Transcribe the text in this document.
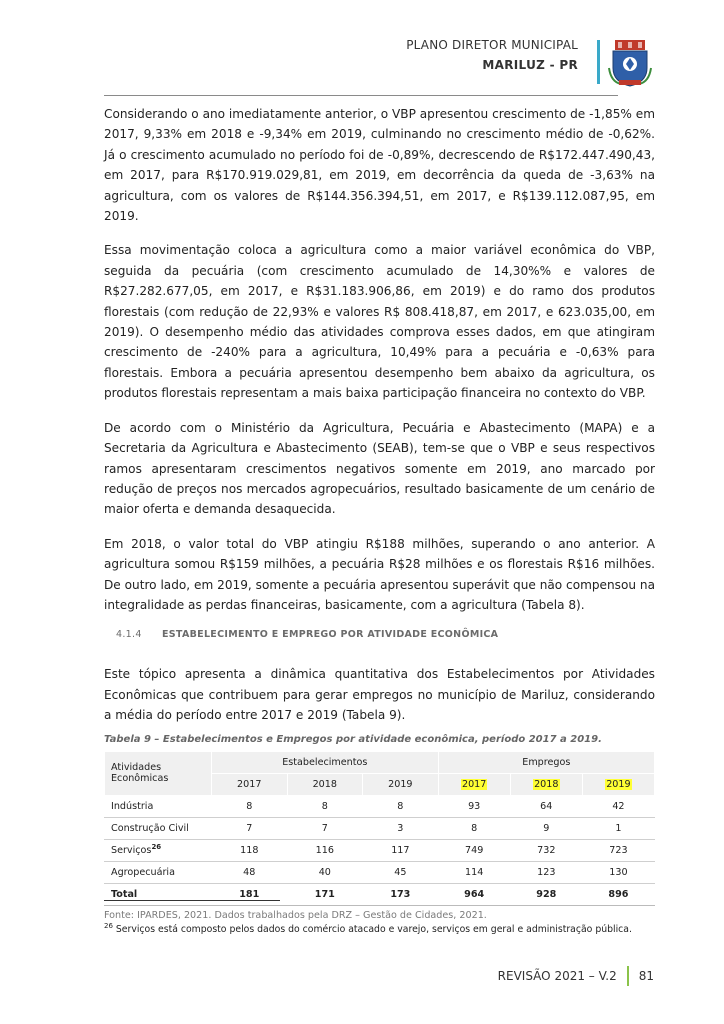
PLANO DIRETOR MUNICIPAL
MARILUZ - PR

Considerando o ano imediatamente anterior, o VBP apresentou crescimento de -1,85% em 2017, 9,33% em 2018 e -9,34% em 2019, culminando no crescimento médio de -0,62%. Já o crescimento acumulado no período foi de -0,89%, decrescendo de R$172.447.490,43, em 2017, para R$170.919.029,81, em 2019, em decorrência da queda de -3,63% na agricultura, com os valores de R$144.356.394,51, em 2017, e R$139.112.087,95, em 2019.

Essa movimentação coloca a agricultura como a maior variável econômica do VBP, seguida da pecuária (com crescimento acumulado de 14,30%% e valores de R$27.282.677,05, em 2017, e R$31.183.906,86, em 2019) e do ramo dos produtos florestais (com redução de 22,93% e valores R$ 808.418,87, em 2017, e 623.035,00, em 2019). O desempenho médio das atividades comprova esses dados, em que atingiram crescimento de -240% para a agricultura, 10,49% para a pecuária e -0,63% para florestais. Embora a pecuária apresentou desempenho bem abaixo da agricultura, os produtos florestais representam a mais baixa participação financeira no contexto do VBP.

De acordo com o Ministério da Agricultura, Pecuária e Abastecimento (MAPA) e a Secretaria da Agricultura e Abastecimento (SEAB), tem-se que o VBP e seus respectivos ramos apresentaram crescimentos negativos somente em 2019, ano marcado por redução de preços nos mercados agropecuários, resultado basicamente de um cenário de maior oferta e demanda desaquecida.

Em 2018, o valor total do VBP atingiu R$188 milhões, superando o ano anterior. A agricultura somou R$159 milhões, a pecuária R$28 milhões e os florestais R$16 milhões. De outro lado, em 2019, somente a pecuária apresentou superávit que não compensou na integralidade as perdas financeiras, basicamente, com a agricultura (Tabela 8).

4.1.4 ESTABELECIMENTO E EMPREGO POR ATIVIDADE ECONÔMICA

Este tópico apresenta a dinâmica quantitativa dos Estabelecimentos por Atividades Econômicas que contribuem para gerar empregos no município de Mariluz, considerando a média do período entre 2017 e 2019 (Tabela 9).

Tabela 9 – Estabelecimentos e Empregos por atividade econômica, período 2017 a 2019.
Atividades Econômicas	Estabelecimentos			Empregos		
	2017	2018	2019	2017	2018	2019
Indústria	8	8	8	93	64	42
Construção Civil	7	7	3	8	9	1
Serviços$^{26}$	118	116	117	749	732	723
Agropecuária	48	40	45	114	123	130
Total	181	171	173	964	928	896
Fonte: IPARDES, 2021. Dados trabalhados pela DRZ – Gestão de Cidades, 2021.
$^{26}$ Serviços está composto pelos dados do comércio atacado e varejo, serviços em geral e administração pública.
REVISÃO 2021 – V.2 81
